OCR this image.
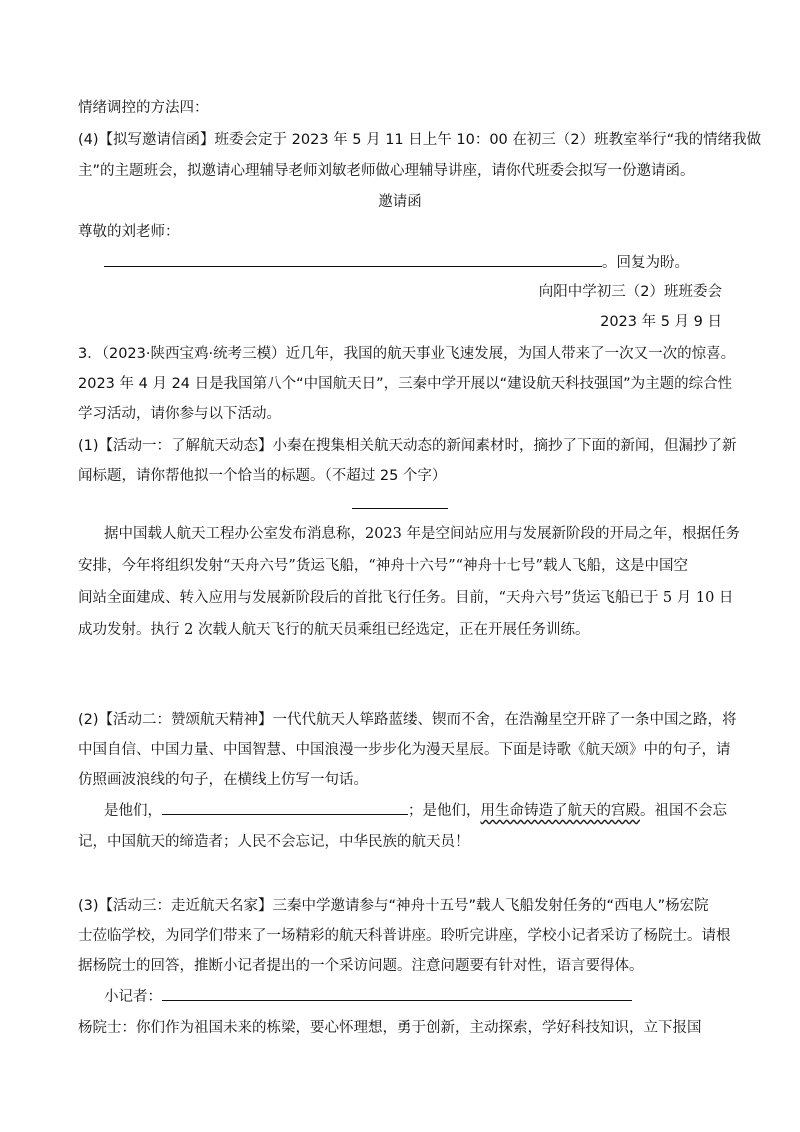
情绪调控的方法四：
(4)【拟写邀请信函】班委会定于 2023 年 5 月 11 日上午 10：00 在初三（2）班教室举行“我的情绪我做
主”的主题班会，拟邀请心理辅导老师刘敏老师做心理辅导讲座，请你代班委会拟写一份邀请函。
邀请函
尊敬的刘老师：
。回复为盼。
向阳中学初三（2）班班委会
2023 年 5 月 9 日
3．（2023·陕西宝鸡·统考三模）近几年，我国的航天事业飞速发展，为国人带来了一次又一次的惊喜。
2023 年 4 月 24 日是我国第八个“中国航天日”，三秦中学开展以“建设航天科技强国”为主题的综合性
学习活动，请你参与以下活动。
(1)【活动一：了解航天动态】小秦在搜集相关航天动态的新闻素材时，摘抄了下面的新闻，但漏抄了新
闻标题，请你帮他拟一个恰当的标题。（不超过 25 个字）
据中国载人航天工程办公室发布消息称，2023 年是空间站应用与发展新阶段的开局之年，根据任务
安排，今年将组织发射“天舟六号”货运飞船，“神舟十六号”“神舟十七号”载人飞船，这是中国空
间站全面建成、转入应用与发展新阶段后的首批飞行任务。目前，“天舟六号”货运飞船已于 5 月 10 日
成功发射。执行 2 次载人航天飞行的航天员乘组已经选定，正在开展任务训练。
(2)【活动二：赞颂航天精神】一代代航天人筚路蓝缕、锲而不舍，在浩瀚星空开辟了一条中国之路，将
中国自信、中国力量、中国智慧、中国浪漫一步步化为漫天星辰。下面是诗歌《航天颂》中的句子，请
仿照画波浪线的句子，在横线上仿写一句话。
是他们，	；是他们，用生命铸造了航天的宫殿。祖国不会忘
记，中国航天的缔造者；人民不会忘记，中华民族的航天员！
(3)【活动三：走近航天名家】三秦中学邀请参与“神舟十五号”载人飞船发射任务的“西电人”杨宏院
士莅临学校，为同学们带来了一场精彩的航天科普讲座。聆听完讲座，学校小记者采访了杨院士。请根
据杨院士的回答，推断小记者提出的一个采访问题。注意问题要有针对性，语言要得体。
小记者：
杨院士：你们作为祖国未来的栋梁，要心怀理想，勇于创新，主动探索，学好科技知识，立下报国
